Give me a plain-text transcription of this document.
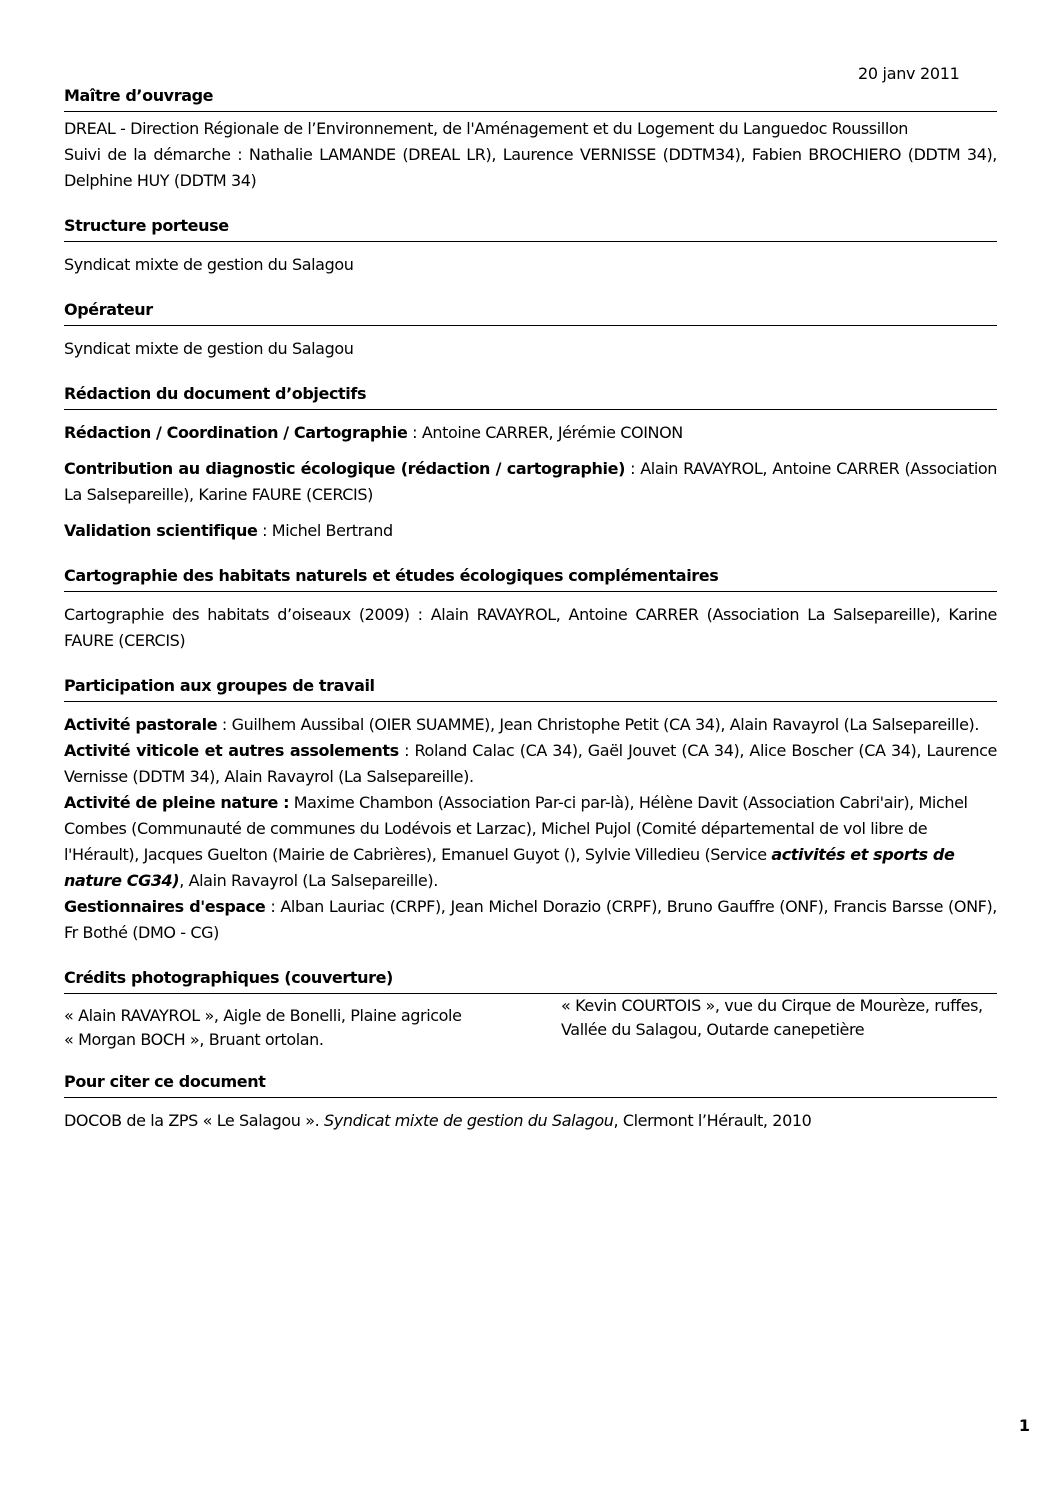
20 janv 2011
Maître d’ouvrage
DREAL - Direction Régionale de l’Environnement, de l'Aménagement et du Logement du Languedoc Roussillon
Suivi de la démarche : Nathalie LAMANDE (DREAL LR), Laurence VERNISSE (DDTM34), Fabien BROCHIERO (DDTM 34), Delphine HUY (DDTM 34)
Structure porteuse
Syndicat mixte de gestion du Salagou
Opérateur
Syndicat mixte de gestion du Salagou
Rédaction du document d’objectifs
Rédaction / Coordination / Cartographie : Antoine CARRER, Jérémie COINON
Contribution au diagnostic écologique (rédaction / cartographie) : Alain RAVAYROL, Antoine CARRER (Association La Salsepareille), Karine FAURE (CERCIS)
Validation scientifique : Michel Bertrand
Cartographie des habitats naturels et études écologiques complémentaires
Cartographie des habitats d’oiseaux (2009) : Alain RAVAYROL, Antoine CARRER (Association La Salsepareille), Karine FAURE (CERCIS)
Participation aux groupes de travail
Activité pastorale : Guilhem Aussibal (OIER SUAMME), Jean Christophe Petit (CA 34), Alain Ravayrol (La Salsepareille).
Activité viticole et autres assolements : Roland Calac (CA 34), Gaël Jouvet (CA 34), Alice Boscher (CA 34), Laurence Vernisse (DDTM 34), Alain Ravayrol (La Salsepareille).
Activité de pleine nature : Maxime Chambon (Association Par-ci par-là), Hélène Davit (Association Cabri'air), Michel Combes (Communauté de communes du Lodévois et Larzac), Michel Pujol (Comité départemental de vol libre de l'Hérault), Jacques Guelton (Mairie de Cabrières), Emanuel Guyot (), Sylvie Villedieu (Service activités et sports de nature CG34), Alain Ravayrol (La Salsepareille).
Gestionnaires d'espace : Alban Lauriac (CRPF), Jean Michel Dorazio (CRPF), Bruno Gauffre (ONF), Francis Barsse (ONF), Fr Bothé (DMO - CG)
Crédits photographiques (couverture)
« Alain RAVAYROL », Aigle de Bonelli, Plaine agricole
« Morgan BOCH », Bruant ortolan.
« Kevin COURTOIS », vue du Cirque de Mourèze, ruffes, Vallée du Salagou, Outarde canepetière
Pour citer ce document
DOCOB de la ZPS « Le Salagou ». Syndicat mixte de gestion du Salagou, Clermont l’Hérault, 2010
1
